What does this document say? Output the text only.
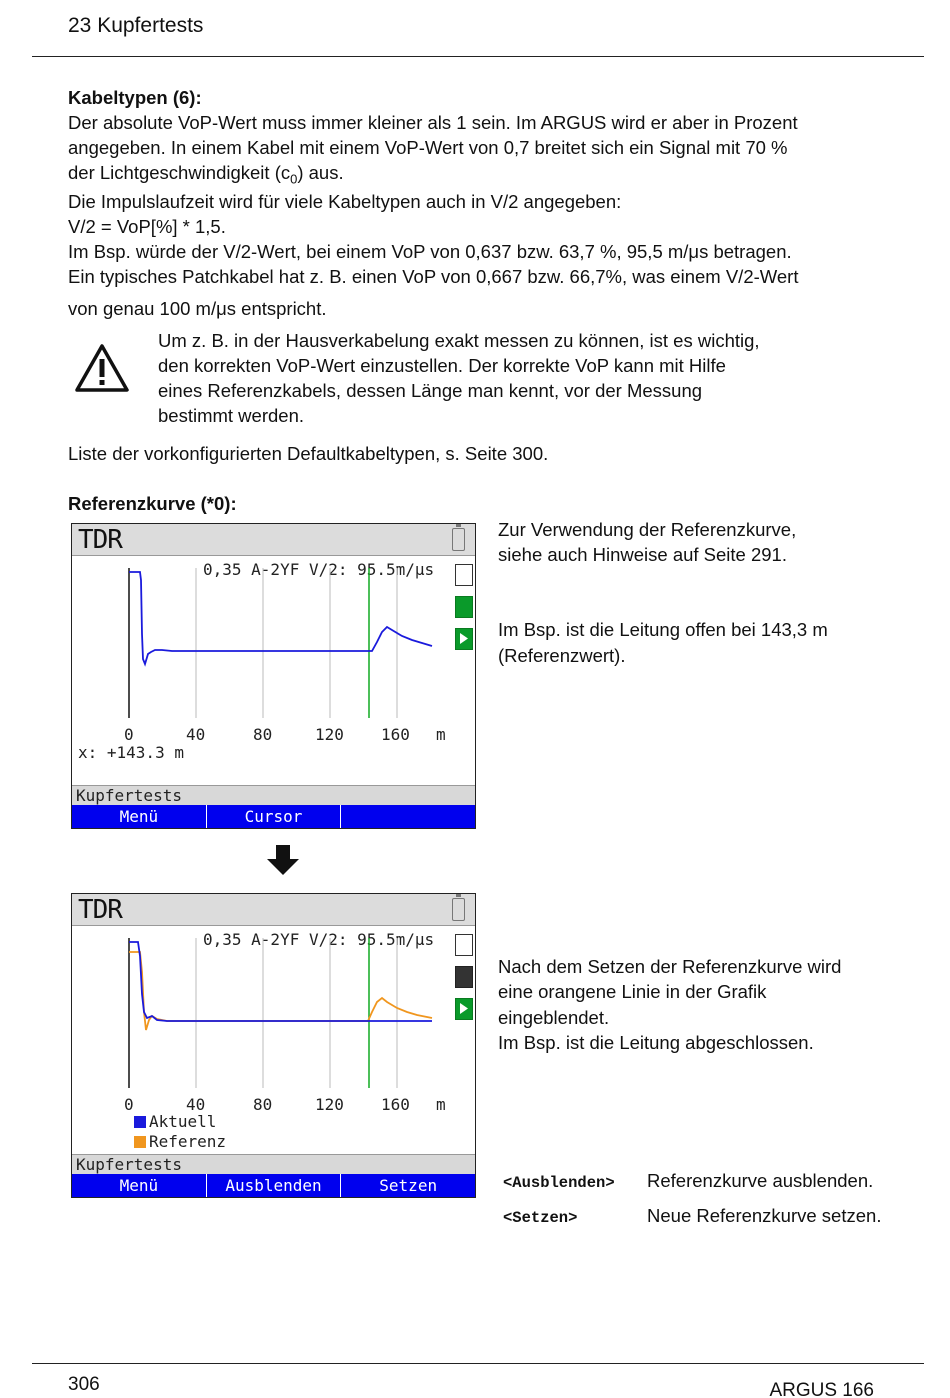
23 Kupfertests
Kabeltypen (6):
Der absolute VoP-Wert muss immer kleiner als 1 sein. Im ARGUS wird er aber in Prozent
angegeben. In einem Kabel mit einem VoP-Wert von 0,7 breitet sich ein Signal mit 70 %
der Lichtgeschwindigkeit $(c_0)$ aus.
Die Impulslaufzeit wird für viele Kabeltypen auch in V/2 angegeben:
V/2 = VoP[%] * 1,5.
Im Bsp. würde der V/2-Wert, bei einem VoP von 0,637 bzw. 63,7 %, 95,5 m/μs betragen.
Ein typisches Patchkabel hat z. B. einen VoP von 0,667 bzw. 66,7%, was einem V/2-Wert
von genau 100 m/μs entspricht.
Um z. B. in der Hausverkabelung exakt messen zu können, ist es wichtig,
den korrekten VoP-Wert einzustellen. Der korrekte VoP kann mit Hilfe
eines Referenzkabels, dessen Länge man kennt, vor der Messung
bestimmt werden.
Liste der vorkonfigurierten Defaultkabeltypen, s. Seite 300.
Referenzkurve (*0):
TDR
0,35 A-2YF V/2: 95.5m/μs
0	40	80	120 160 m
x: +143.3 m
Kupfertests
Menü	Cursor
TDR
0,35 A-2YF V/2: 95.5m/μs
0	40	80	120 160 m
Aktuell
Referenz
Kupfertests
Menü	Ausblenden	Setzen
Zur Verwendung der Referenzkurve,
siehe auch Hinweise auf Seite 291.
Im Bsp. ist die Leitung offen bei 143,3 m
(Referenzwert).
Nach dem Setzen der Referenzkurve wird
eine orangene Linie in der Grafik
eingeblendet.
Im Bsp. ist die Leitung abgeschlossen.
<Ausblenden> Referenzkurve ausblenden.
<Setzen>	Neue Referenzkurve setzen.
306	ARGUS 166
